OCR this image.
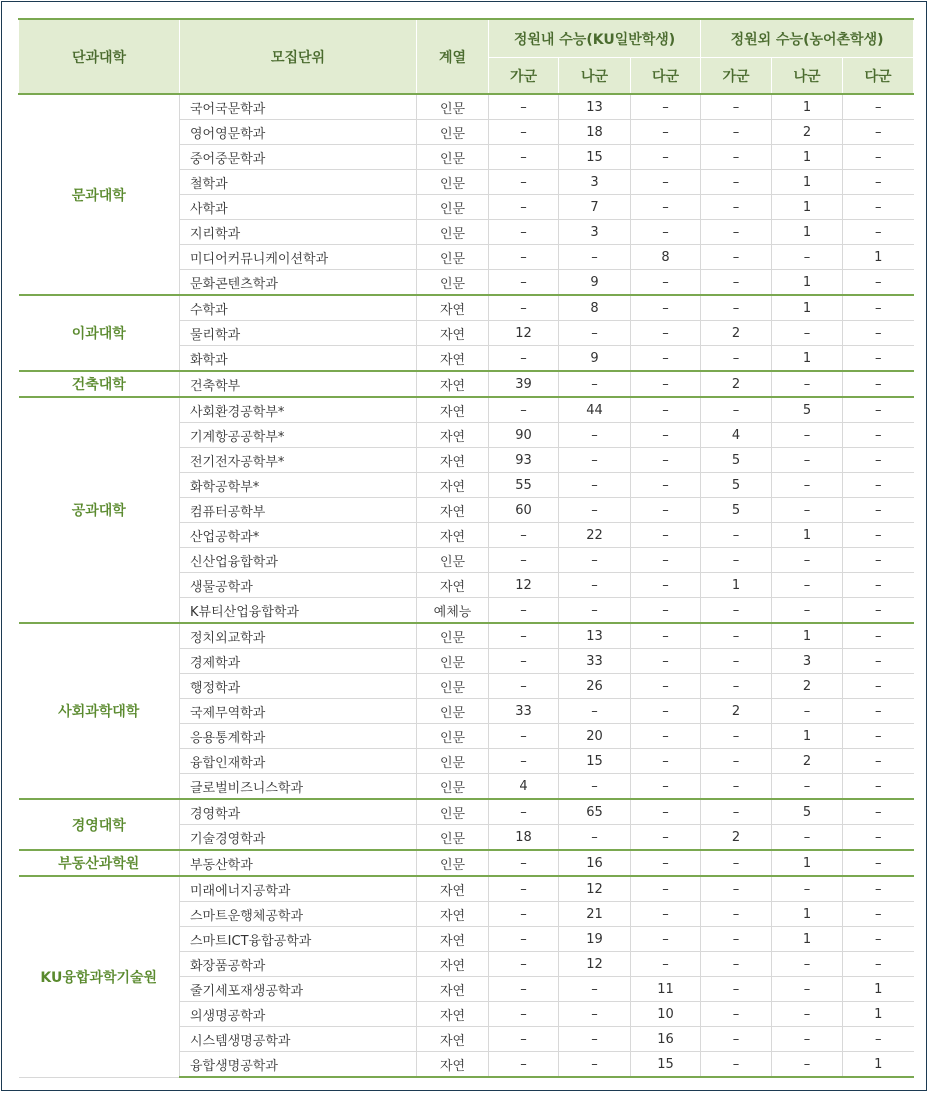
단과대학	모집단위	계열	정원내 수능(KU일반학생)			정원외 수능(농어촌학생)		
			가군	나군	다군	가군	나군	다군
문과대학	국어국문학과	인문	–	13	–	–	1	–
	영어영문학과	인문	–	18	–	–	2	–
	중어중문학과	인문	–	15	–	–	1	–
	철학과	인문	–	3	–	–	1	–
	사학과	인문	–	7	–	–	1	–
	지리학과	인문	–	3	–	–	1	–
	미디어커뮤니케이션학과	인문	–	–	8	–	–	1
	문화콘텐츠학과	인문	–	9	–	–	1	–
이과대학	수학과	자연	–	8	–	–	1	–
	물리학과	자연	12	–	–	2	–	–
	화학과	자연	–	9	–	–	1	–
건축대학	건축학부	자연	39	–	–	2	–	–
공과대학	사회환경공학부*	자연	–	44	–	–	5	–
	기계항공공학부*	자연	90	–	–	4	–	–
	전기전자공학부*	자연	93	–	–	5	–	–
	화학공학부*	자연	55	–	–	5	–	–
	컴퓨터공학부	자연	60	–	–	5	–	–
	산업공학과*	자연	–	22	–	–	1	–
	신산업융합학과	인문	–	–	–	–	–	–
	생물공학과	자연	12	–	–	1	–	–
	K뷰티산업융합학과	예체능	–	–	–	–	–	–
사회과학대학	정치외교학과	인문	–	13	–	–	1	–
	경제학과	인문	–	33	–	–	3	–
	행정학과	인문	–	26	–	–	2	–
	국제무역학과	인문	33	–	–	2	–	–
	응용통계학과	인문	–	20	–	–	1	–
	융합인재학과	인문	–	15	–	–	2	–
	글로벌비즈니스학과	인문	4	–	–	–	–	–
경영대학	경영학과	인문	–	65	–	–	5	–
	기술경영학과	인문	18	–	–	2	–	–
부동산과학원	부동산학과	인문	–	16	–	–	1	–
KU융합과학기술원	미래에너지공학과	자연	–	12	–	–	–	–
	스마트운행체공학과	자연	–	21	–	–	1	–
	스마트ICT융합공학과	자연	–	19	–	–	1	–
	화장품공학과	자연	–	12	–	–	–	–
	줄기세포재생공학과	자연	–	–	11	–	–	1
	의생명공학과	자연	–	–	10	–	–	1
	시스템생명공학과	자연	–	–	16	–	–	–
	융합생명공학과	자연	–	–	15	–	–	1
